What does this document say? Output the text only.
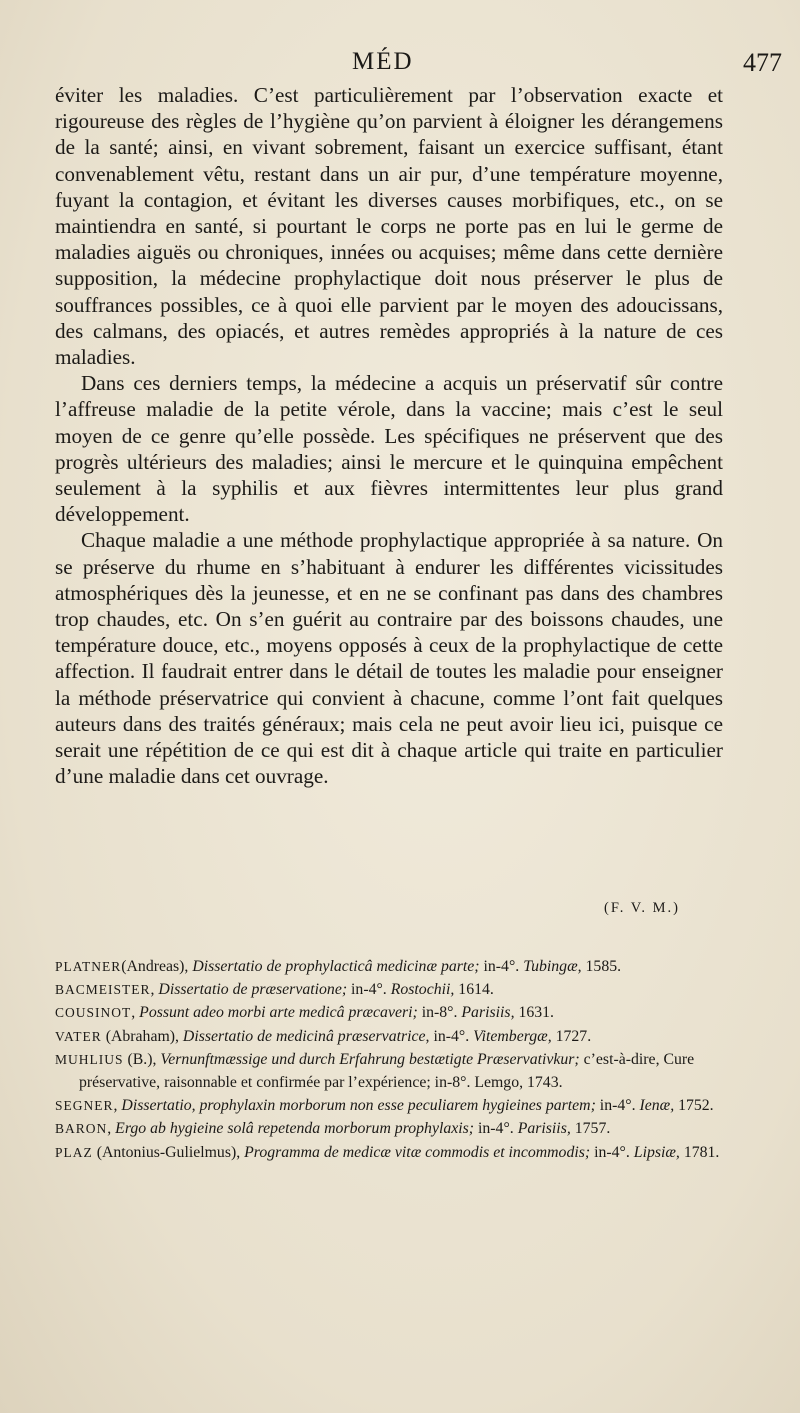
MÉD	477

éviter les maladies. C’est particulièrement par l’observation exacte et rigoureuse des règles de l’hygiène qu’on parvient à éloigner les dérangemens de la santé; ainsi, en vivant sobrement, faisant un exercice suffisant, étant convenablement vêtu, restant dans un air pur, d’une température moyenne, fuyant la contagion, et évitant les diverses causes morbifiques, etc., on se maintiendra en santé, si pourtant le corps ne porte pas en lui le germe de maladies aiguës ou chroniques, innées ou acquises; même dans cette dernière supposition, la médecine prophylactique doit nous préserver le plus de souffrances possibles, ce à quoi elle parvient par le moyen des adoucissans, des calmans, des opiacés, et autres remèdes appropriés à la nature de ces maladies.

Dans ces derniers temps, la médecine a acquis un préservatif sûr contre l’affreuse maladie de la petite vérole, dans la vaccine; mais c’est le seul moyen de ce genre qu’elle possède. Les spécifiques ne préservent que des progrès ultérieurs des maladies; ainsi le mercure et le quinquina empêchent seulement à la syphilis et aux fièvres intermittentes leur plus grand développement.

Chaque maladie a une méthode prophylactique appropriée à sa nature. On se préserve du rhume en s’habituant à endurer les différentes vicissitudes atmosphériques dès la jeunesse, et en ne se confinant pas dans des chambres trop chaudes, etc. On s’en guérit au contraire par des boissons chaudes, une température douce, etc., moyens opposés à ceux de la prophylactique de cette affection. Il faudrait entrer dans le détail de toutes les maladie pour enseigner la méthode préservatrice qui convient à chacune, comme l’ont fait quelques auteurs dans des traités généraux; mais cela ne peut avoir lieu ici, puisque ce serait une répétition de ce qui est dit à chaque article qui traite en particulier d’une maladie dans cet ouvrage.

(F. V. M.)

PLATNER(Andreas), Dissertatio de prophylacticâ medicinæ parte; in-4°. Tubingæ, 1585.

BACMEISTER, Dissertatio de præservatione; in-4°. Rostochii, 1614.

COUSINOT, Possunt adeo morbi arte medicâ præcaveri; in-8°. Parisiis, 1631.

VATER (Abraham), Dissertatio de medicinâ præservatrice, in-4°. Vitembergæ, 1727.

MUHLIUS (B.), Vernunftmæssige und durch Erfahrung bestætigte Præservativkur; c’est-à-dire, Cure préservative, raisonnable et confirmée par l’expérience; in-8°. Lemgo, 1743.

SEGNER, Dissertatio, prophylaxin morborum non esse peculiarem hygieines partem; in-4°. Ienæ, 1752.

BARON, Ergo ab hygieine solâ repetenda morborum prophylaxis; in-4°. Parisiis, 1757.

PLAZ (Antonius-Gulielmus), Programma de medicæ vitæ commodis et incommodis; in-4°. Lipsiæ, 1781.
